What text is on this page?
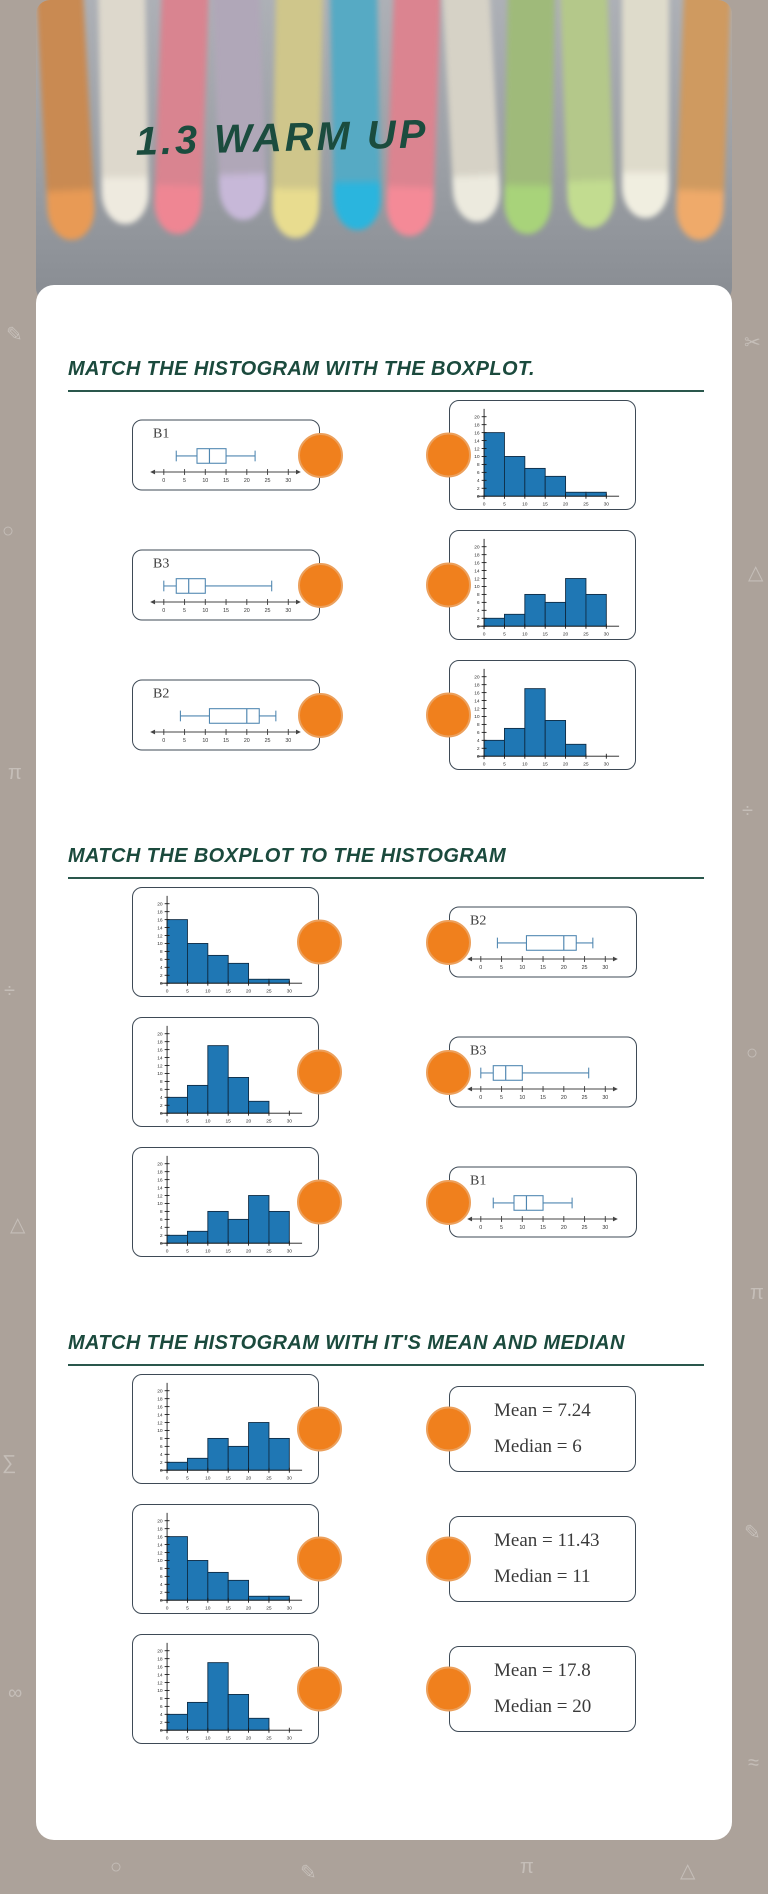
✎
○
π
÷
△
∑
∞
✂
△
÷
○
π
✎
≈
○	✎	π	△
1.3 WARM UP
MATCH THE HISTOGRAM WITH THE BOXPLOT.
B1
0	5	10	15	20	25	30
0
2
4
6
8
10
12
14
16
18
20
0	5	10	15	20	25	30
B3
0	5	10	15	20	25	30
0
2
4
6
8
10
12
14
16
18
20
0	5	10	15	20	25	30
B2
0	5	10	15	20	25	30
0
2
4
6
8
10
12
14
16
18
20
0	5	10	15	20	25	30
MATCH THE BOXPLOT TO THE HISTOGRAM
0
2
4
6
8
10
12
14
16
18
20
0	5	10	15	20	25	30
B2
0	5	10	15	20	25	30
0
2
4
6
8
10
12
14
16
18
20
0	5	10	15	20	25	30
B3
0	5	10	15	20	25	30
0
2
4
6
8
10
12
14
16
18
20
0	5	10	15	20	25	30
B1
0	5	10	15	20	25	30
MATCH THE HISTOGRAM WITH IT'S MEAN AND MEDIAN
0
2
4
6
8
10
12
14
16
18
20
0	5	10	15	20	25	30
Mean = 7.24
Median = 6
0
2
4
6
8
10
12
14
16
18
20
0	5	10	15	20	25	30
Mean = 11.43
Median = 11
0
2
4
6
8
10
12
14
16
18
20
0	5	10	15	20	25	30
Mean = 17.8
Median = 20
